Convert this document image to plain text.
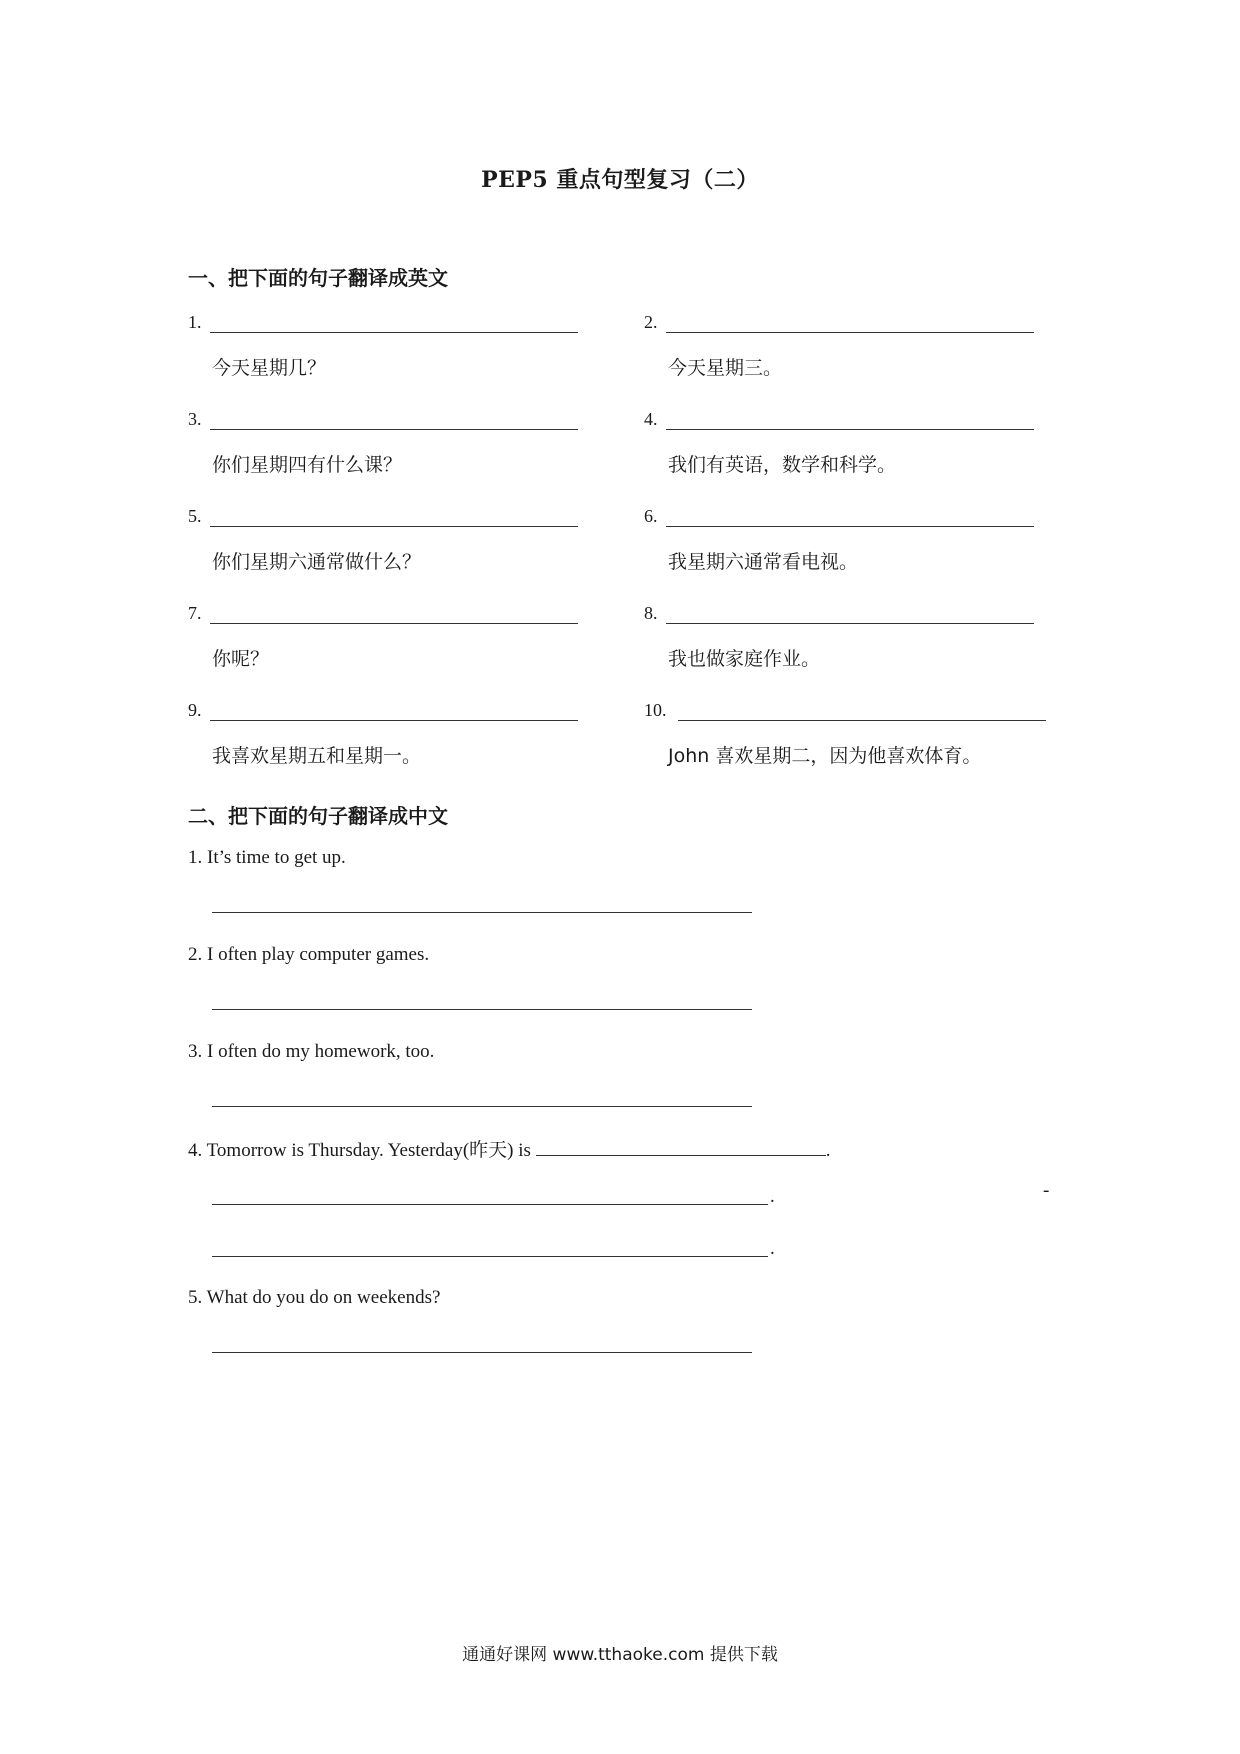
PEP5 重点句型复习（二）
一、把下面的句子翻译成英文
1.
今天星期几？
2.
今天星期三。
3.
你们星期四有什么课？
4.
我们有英语，数学和科学。
5.
你们星期六通常做什么？
6.
我星期六通常看电视。
7.
你呢？
8.
我也做家庭作业。
9.
我喜欢星期五和星期一。
10.
John 喜欢星期二，因为他喜欢体育。
二、把下面的句子翻译成中文
1. It’s time to get up.
2. I often play computer games.
3. I often do my homework, too.
4. Tomorrow is Thursday. Yesterday(昨天) is	.
.	-
.
5. What do you do on weekends?
通通好课网 www.tthaoke.com 提供下载
